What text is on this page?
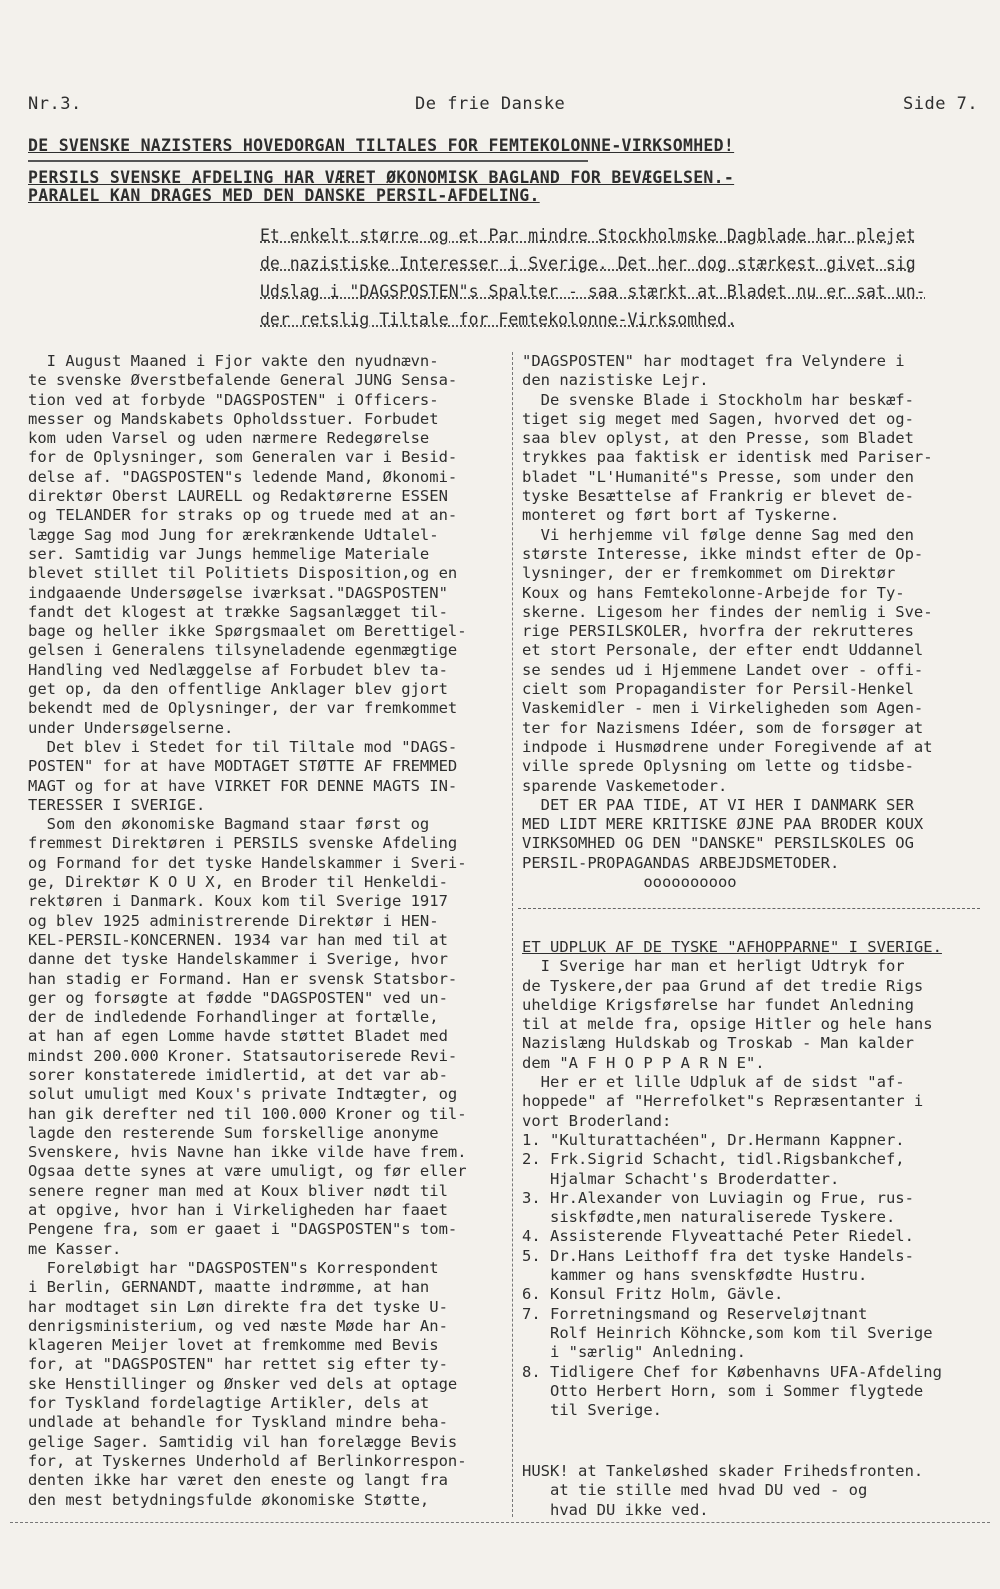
Nr.3.	De frie Danske	Side 7.
DE SVENSKE NAZISTERS HOVEDORGAN TILTALES FOR FEMTEKOLONNE-VIRKSOMHED!
PERSILS SVENSKE AFDELING HAR VÆRET ØKONOMISK BAGLAND FOR BEVÆGELSEN.-
PARALEL KAN DRAGES MED DEN DANSKE PERSIL-AFDELING.
Et enkelt større og et Par mindre Stockholmske Dagblade har plejet
de nazistiske Interesser i Sverige. Det her dog stærkest givet sig
Udslag i "DAGSPOSTEN"s Spalter - saa stærkt at Bladet nu er sat un-
der retslig Tiltale for Femtekolonne-Virksomhed.
I August Maaned i Fjor vakte den nyudnævn-
te svenske Øverstbefalende General JUNG Sensa-
tion ved at forbyde "DAGSPOSTEN" i Officers-
messer og Mandskabets Opholdsstuer. Forbudet
kom uden Varsel og uden nærmere Redegørelse
for de Oplysninger, som Generalen var i Besid-
delse af. "DAGSPOSTEN"s ledende Mand, Økonomi-
direktør Oberst LAURELL og Redaktørerne ESSEN
og TELANDER for straks op og truede med at an-
lægge Sag mod Jung for ærekrænkende Udtalel-
ser. Samtidig var Jungs hemmelige Materiale
blevet stillet til Politiets Disposition,og en
indgaaende Undersøgelse iværksat."DAGSPOSTEN"
fandt det klogest at trække Sagsanlægget til-
bage og heller ikke Spørgsmaalet om Berettigel-
gelsen i Generalens tilsyneladende egenmægtige
Handling ved Nedlæggelse af Forbudet blev ta-
get op, da den offentlige Anklager blev gjort
bekendt med de Oplysninger, der var fremkommet
under Undersøgelserne.
Det blev i Stedet for til Tiltale mod "DAGS-
POSTEN" for at have MODTAGET STØTTE AF FREMMED
MAGT og for at have VIRKET FOR DENNE MAGTS IN-
TERESSER I SVERIGE.
Som den økonomiske Bagmand staar først og
fremmest Direktøren i PERSILS svenske Afdeling
og Formand for det tyske Handelskammer i Sveri-
ge, Direktør K O U X, en Broder til Henkeldi-
rektøren i Danmark. Koux kom til Sverige 1917
og blev 1925 administrerende Direktør i HEN-
KEL-PERSIL-KONCERNEN. 1934 var han med til at
danne det tyske Handelskammer i Sverige, hvor
han stadig er Formand. Han er svensk Statsbor-
ger og forsøgte at fødde "DAGSPOSTEN" ved un-
der de indledende Forhandlinger at fortælle,
at han af egen Lomme havde støttet Bladet med
mindst 200.000 Kroner. Statsautoriserede Revi-
sorer konstaterede imidlertid, at det var ab-
solut umuligt med Koux's private Indtægter, og
han gik derefter ned til 100.000 Kroner og til-
lagde den resterende Sum forskellige anonyme
Svenskere, hvis Navne han ikke vilde have frem.
Ogsaa dette synes at være umuligt, og før eller
senere regner man med at Koux bliver nødt til
at opgive, hvor han i Virkeligheden har faaet
Pengene fra, som er gaaet i "DAGSPOSTEN"s tom-
me Kasser.
Foreløbigt har "DAGSPOSTEN"s Korrespondent
i Berlin, GERNANDT, maatte indrømme, at han
har modtaget sin Løn direkte fra det tyske U-
denrigsministerium, og ved næste Møde har An-
klageren Meijer lovet at fremkomme med Bevis
for, at "DAGSPOSTEN" har rettet sig efter ty-
ske Henstillinger og Ønsker ved dels at optage
for Tyskland fordelagtige Artikler, dels at
undlade at behandle for Tyskland mindre beha-
gelige Sager. Samtidig vil han forelægge Bevis
for, at Tyskernes Underhold af Berlinkorrespon-
denten ikke har været den eneste og langt fra
den mest betydningsfulde økonomiske Støtte,
"DAGSPOSTEN" har modtaget fra Velyndere i
den nazistiske Lejr.
De svenske Blade i Stockholm har beskæf-
tiget sig meget med Sagen, hvorved det og-
saa blev oplyst, at den Presse, som Bladet
trykkes paa faktisk er identisk med Pariser-
bladet "L'Humanité"s Presse, som under den
tyske Besættelse af Frankrig er blevet de-
monteret og ført bort af Tyskerne.
Vi herhjemme vil følge denne Sag med den
største Interesse, ikke mindst efter de Op-
lysninger, der er fremkommet om Direktør
Koux og hans Femtekolonne-Arbejde for Ty-
skerne. Ligesom her findes der nemlig i Sve-
rige PERSILSKOLER, hvorfra der rekrutteres
et stort Personale, der efter endt Uddannel
se sendes ud i Hjemmene Landet over - offi-
cielt som Propagandister for Persil-Henkel
Vaskemidler - men i Virkeligheden som Agen-
ter for Nazismens Idéer, som de forsøger at
indpode i Husmødrene under Foregivende af at
ville sprede Oplysning om lette og tidsbe-
sparende Vaskemetoder.
DET ER PAA TIDE, AT VI HER I DANMARK SER
MED LIDT MERE KRITISKE ØJNE PAA BRODER KOUX
VIRKSOMHED OG DEN "DANSKE" PERSILSKOLES OG
PERSIL-PROPAGANDAS ARBEJDSMETODER.
oooooooooo
ET UDPLUK AF DE TYSKE "AFHOPPARNE" I SVERIGE.
I Sverige har man et herligt Udtryk for
de Tyskere,der paa Grund af det tredie Rigs
uheldige Krigsførelse har fundet Anledning
til at melde fra, opsige Hitler og hele hans
Nazislæng Huldskab og Troskab - Man kalder
dem "A F H O P P A R N E".
Her er et lille Udpluk af de sidst "af-
hoppede" af "Herrefolket"s Repræsentanter i
vort Broderland:
1. "Kulturattachéen", Dr.Hermann Kappner.
2. Frk.Sigrid Schacht, tidl.Rigsbankchef,
Hjalmar Schacht's Broderdatter.
3. Hr.Alexander von Luviagin og Frue, rus-
siskfødte,men naturaliserede Tyskere.
4. Assisterende Flyveattaché Peter Riedel.
5. Dr.Hans Leithoff fra det tyske Handels-
kammer og hans svenskfødte Hustru.
6. Konsul Fritz Holm, Gävle.
7. Forretningsmand og Reserveløjtnant
Rolf Heinrich Köhncke,som kom til Sverige
i "særlig" Anledning.
8. Tidligere Chef for Københavns UFA-Afdeling
Otto Herbert Horn, som i Sommer flygtede
til Sverige.
HUSK! at Tankeløshed skader Frihedsfronten.
at tie stille med hvad DU ved - og
hvad DU ikke ved.
